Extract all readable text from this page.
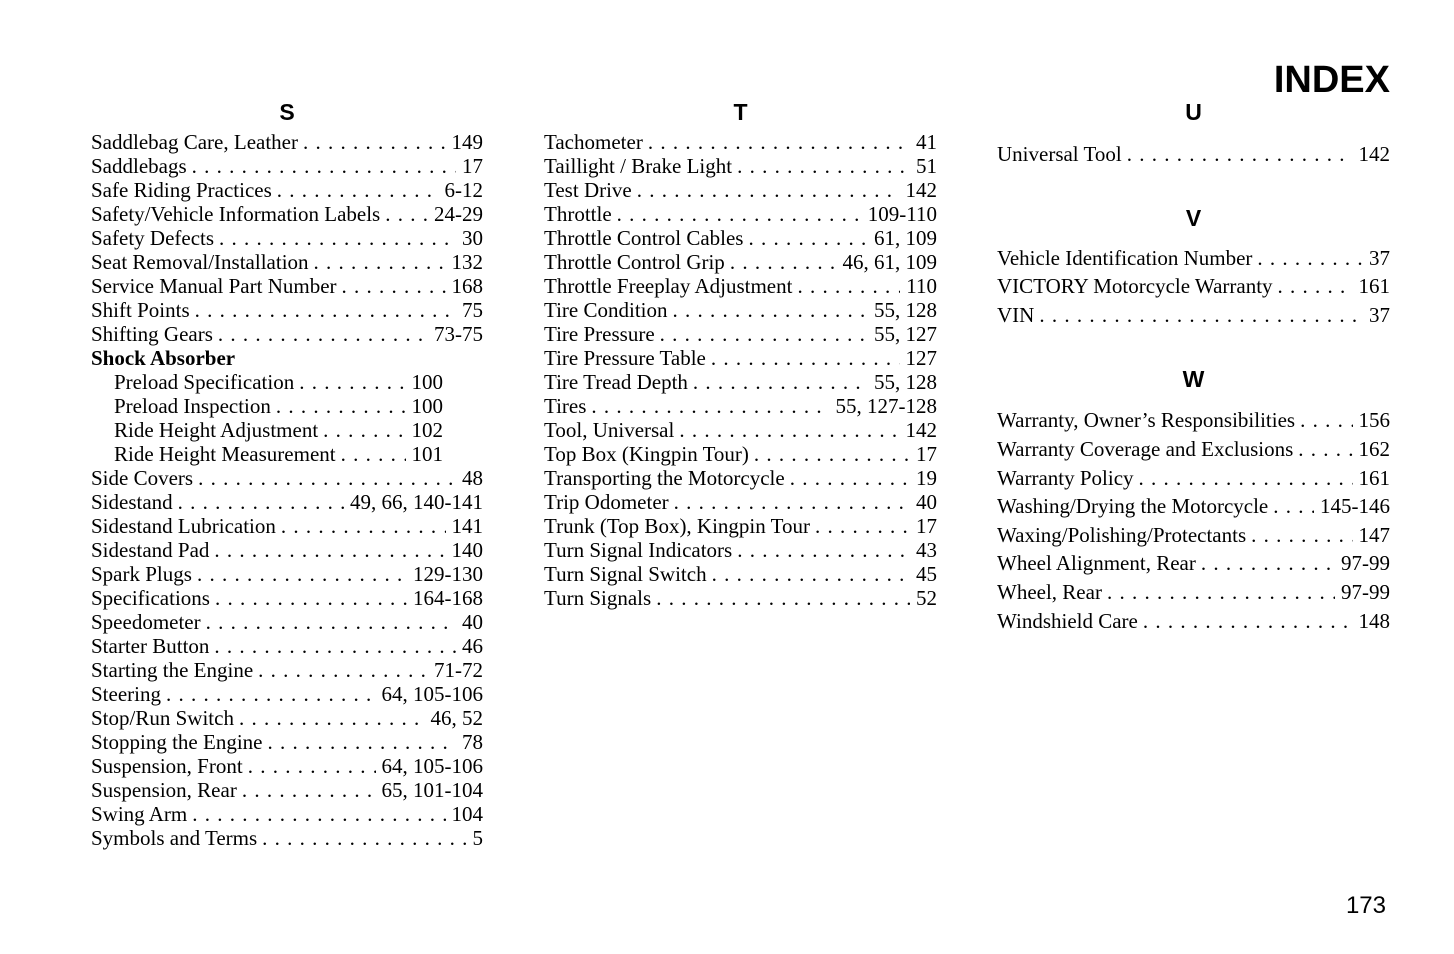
INDEX
S
Saddlebag Care, Leather . . .	149
Saddlebags . . .	17
Safe Riding Practices . . .	6-12
Safety/Vehicle Information Labels . . .	24-29
Safety Defects . . .	30
Seat Removal/Installation . . .	132
Service Manual Part Number . . .	168
Shift Points . . .	75
Shifting Gears . . .	73-75
Shock Absorber
Preload Specification . . .	100
Preload Inspection . . .	100
Ride Height Adjustment . . .	102
Ride Height Measurement . . .	101
Side Covers . . .	48
Sidestand . . .	49, 66, 140-141
Sidestand Lubrication . . .	141
Sidestand Pad . . .	140
Spark Plugs . . .	129-130
Specifications . . .	164-168
Speedometer . . .	40
Starter Button . . .	46
Starting the Engine . . .	71-72
Steering . . .	64, 105-106
Stop/Run Switch . . .	46, 52
Stopping the Engine . . .	78
Suspension, Front . . .	64, 105-106
Suspension, Rear . . .	65, 101-104
Swing Arm . . .	104
Symbols and Terms . . .	5
T
Tachometer . . .	41
Taillight / Brake Light . . .	51
Test Drive . . .	142
Throttle . . .	109-110
Throttle Control Cables . . .	61, 109
Throttle Control Grip . . .	46, 61, 109
Throttle Freeplay Adjustment . . .	110
Tire Condition . . .	55, 128
Tire Pressure . . .	55, 127
Tire Pressure Table . . .	127
Tire Tread Depth . . .	55, 128
Tires . . .	55, 127-128
Tool, Universal . . .	142
Top Box (Kingpin Tour) . . .	17
Transporting the Motorcycle . . .	19
Trip Odometer . . .	40
Trunk (Top Box), Kingpin Tour . . .	17
Turn Signal Indicators . . .	43
Turn Signal Switch . . .	45
Turn Signals . . .	52
U
Universal Tool . . .	142
V
Vehicle Identification Number . . .	37
VICTORY Motorcycle Warranty . . .	161
VIN . . .	37
W
Warranty, Owner’s Responsibilities . . .	156
Warranty Coverage and Exclusions . . .	162
Warranty Policy . . .	161
Washing/Drying the Motorcycle . . . 145-146
Waxing/Polishing/Protectants . . .	147
Wheel Alignment, Rear . . .	97-99
Wheel, Rear . . .	97-99
Windshield Care . . .	148
173
